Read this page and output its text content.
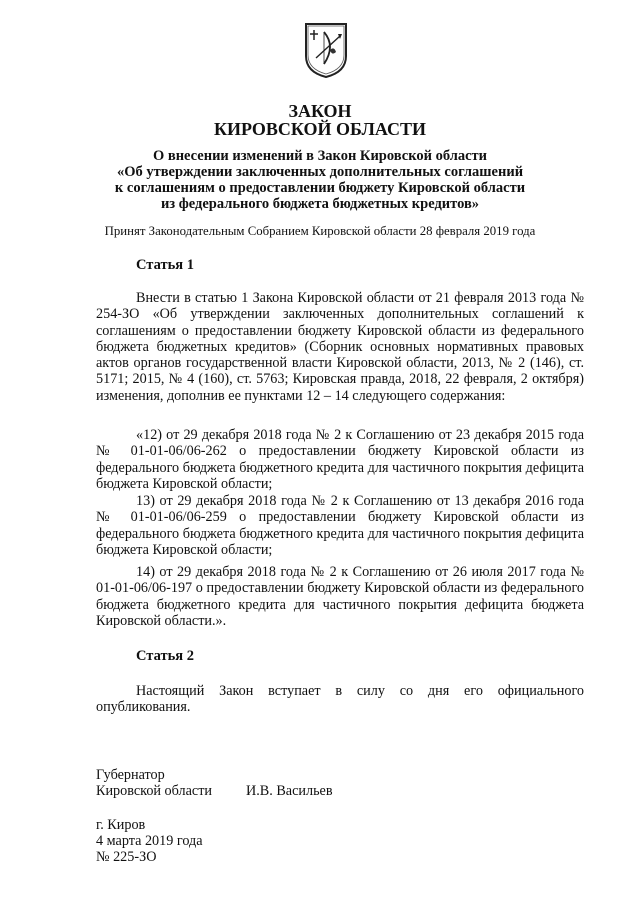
ЗАКОН
КИРОВСКОЙ ОБЛАСТИ
О внесении изменений в Закон Кировской области
«Об утверждении заключенных дополнительных соглашений
к соглашениям о предоставлении бюджету Кировской области
из федерального бюджета бюджетных кредитов»
Принят Законодательным Собранием Кировской области 28 февраля 2019 года
Статья 1

Внести в статью 1 Закона Кировской области от 21 февраля 2013 года № 254-ЗО «Об утверждении заключенных дополнительных соглашений к соглашениям о предоставлении бюджету Кировской области из федерального бюджета бюджетных кредитов» (Сборник основных нормативных правовых актов органов государственной власти Кировской области, 2013, № 2 (146), ст. 5171; 2015, № 4 (160), ст. 5763; Кировская правда, 2018, 22 февраля, 2 октября) изменения, дополнив ее пунктами 12 – 14 следующего содержания:

«12) от 29 декабря 2018 года № 2 к Соглашению от 23 декабря 2015 года № 01-01-06/06-262 о предоставлении бюджету Кировской области из федерального бюджета бюджетного кредита для частичного покрытия дефицита бюджета Кировской области;

13) от 29 декабря 2018 года № 2 к Соглашению от 13 декабря 2016 года № 01-01-06/06-259 о предоставлении бюджету Кировской области из федерального бюджета бюджетного кредита для частичного покрытия дефицита бюджета Кировской области;

14) от 29 декабря 2018 года № 2 к Соглашению от 26 июля 2017 года № 01-01-06/06-197 о предоставлении бюджету Кировской области из федерального бюджета бюджетного кредита для частичного покрытия дефицита бюджета Кировской области.».

Статья 2

Настоящий Закон вступает в силу со дня его официального опубликования.

Губернатор
Кировской области И.В. Васильев
г. Киров
4 марта 2019 года
№ 225-ЗО
